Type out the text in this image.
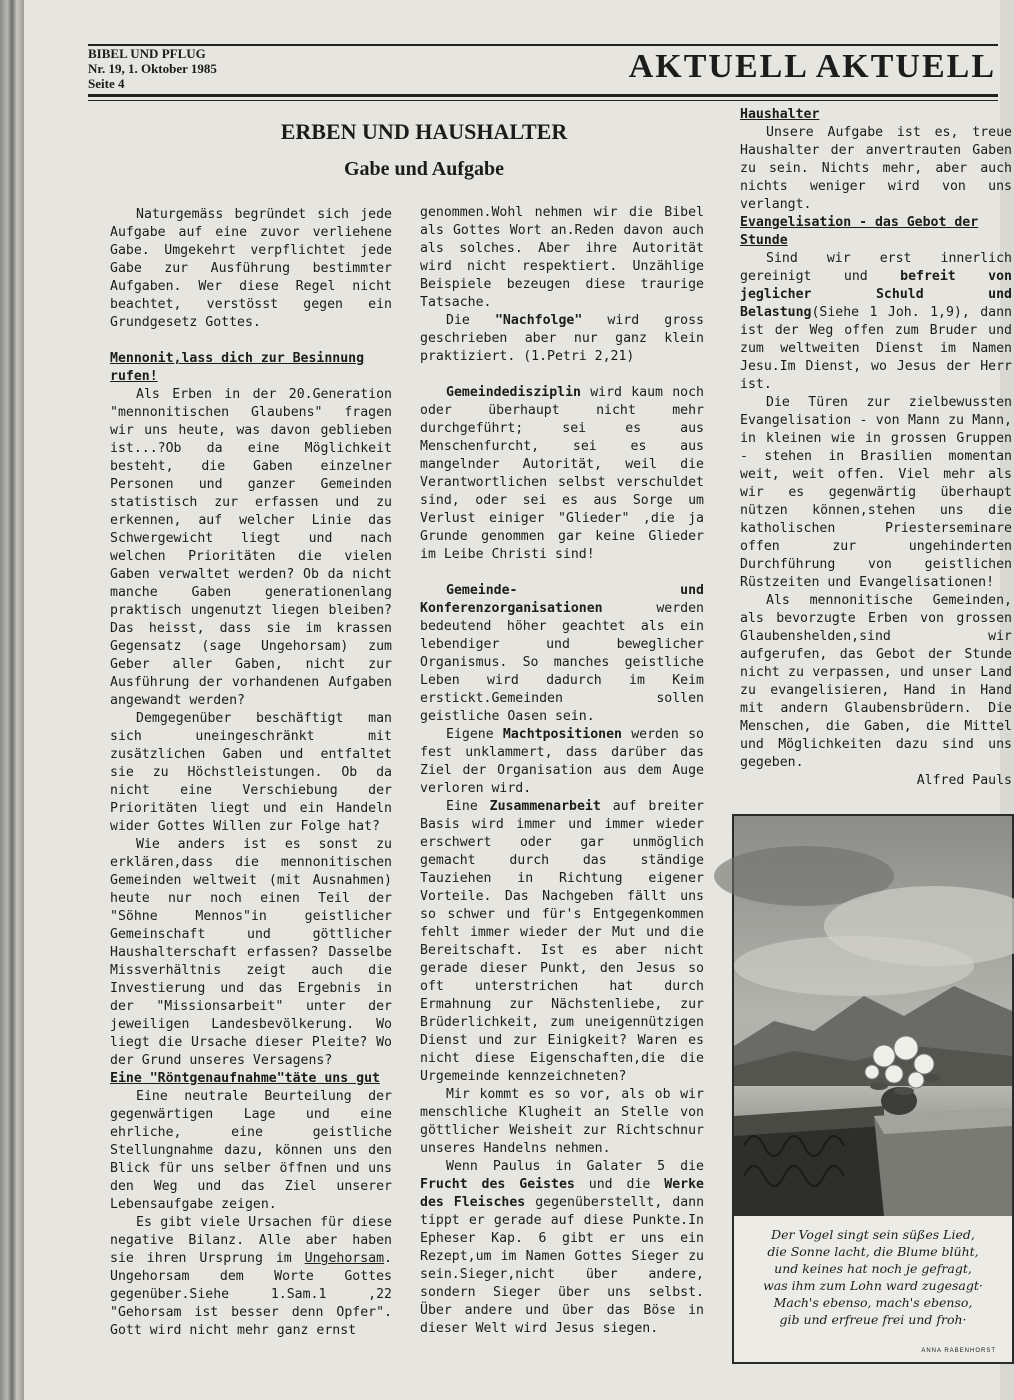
BIBEL UND PFLUG
Nr. 19, 1. Oktober 1985
Seite 4	AKTUELL AKTUELL
ERBEN UND HAUSHALTER
Gabe und Aufgabe

Naturgemäss begründet sich jede Aufgabe auf eine zuvor verliehene Gabe. Umgekehrt verpflichtet jede Gabe zur Ausführung bestimmter Aufgaben. Wer diese Regel nicht beachtet, verstösst gegen ein Grundgesetz Gottes.

Mennonit,lass dich zur Besinnung rufen!

Als Erben in der 20.Generation "mennonitischen Glaubens" fragen wir uns heute, was davon geblieben ist...?Ob da eine Möglichkeit besteht, die Gaben einzelner Personen und ganzer Gemeinden statistisch zur erfassen und zu erkennen, auf welcher Linie das Schwergewicht liegt und nach welchen Prioritäten die vielen Gaben verwaltet werden? Ob da nicht manche Gaben generationenlang praktisch ungenutzt liegen bleiben?Das heisst, dass sie im krassen Gegensatz (sage Ungehorsam) zum Geber aller Gaben, nicht zur Ausführung der vorhandenen Aufgaben angewandt werden?

Demgegenüber beschäftigt man sich uneingeschränkt mit zusätzlichen Gaben und entfaltet sie zu Höchstleistungen. Ob da nicht eine Verschiebung der Prioritäten liegt und ein Handeln wider Gottes Willen zur Folge hat?

Wie anders ist es sonst zu erklären,dass die mennonitischen Gemeinden weltweit (mit Ausnahmen) heute nur noch einen Teil der "Söhne Mennos"in geistlicher Gemeinschaft und göttlicher Haushalterschaft erfassen? Dasselbe Missverhältnis zeigt auch die Investierung und das Ergebnis in der "Missionsarbeit" unter der jeweiligen Landesbevölkerung. Wo liegt die Ursache dieser Pleite? Wo der Grund unseres Versagens?

Eine "Röntgenaufnahme"täte uns gut

Eine neutrale Beurteilung der gegenwärtigen Lage und eine ehrliche, eine geistliche Stellungnahme dazu, können uns den Blick für uns selber öffnen und uns den Weg und das Ziel unserer Lebensaufgabe zeigen.

Es gibt viele Ursachen für diese negative Bilanz. Alle aber haben sie ihren Ursprung im Ungehorsam. Ungehorsam dem Worte Gottes gegenüber.Siehe 1.Sam.1 ,22 "Gehorsam ist besser denn Opfer". Gott wird nicht mehr ganz ernst

genommen.Wohl nehmen wir die Bibel als Gottes Wort an.Reden davon auch als solches. Aber ihre Autorität wird nicht respektiert. Unzählige Beispiele bezeugen diese traurige Tatsache.

Die "Nachfolge" wird gross geschrieben aber nur ganz klein praktiziert. (1.Petri 2,21)

Gemeindedisziplin wird kaum noch oder überhaupt nicht mehr durchgeführt; sei es aus Menschenfurcht, sei es aus mangelnder Autorität, weil die Verantwortlichen selbst verschuldet sind, oder sei es aus Sorge um Verlust einiger "Glieder" ,die ja Grunde genommen gar keine Glieder im Leibe Christi sind!

Gemeinde- und Konferenzorganisationen werden bedeutend höher geachtet als ein lebendiger und beweglicher Organismus. So manches geistliche Leben wird dadurch im Keim erstickt.Gemeinden sollen geistliche Oasen sein.

Eigene Machtpositionen werden so fest unklammert, dass darüber das Ziel der Organisation aus dem Auge verloren wird.

Eine Zusammenarbeit auf breiter Basis wird immer und immer wieder erschwert oder gar unmöglich gemacht durch das ständige Tauziehen in Richtung eigener Vorteile. Das Nachgeben fällt uns so schwer und für's Entgegenkommen fehlt immer wieder der Mut und die Bereitschaft. Ist es aber nicht gerade dieser Punkt, den Jesus so oft unterstrichen hat durch Ermahnung zur Nächstenliebe, zur Brüderlichkeit, zum uneigennützigen Dienst und zur Einigkeit? Waren es nicht diese Eigenschaften,die die Urgemeinde kennzeichneten?

Mir kommt es so vor, als ob wir menschliche Klugheit an Stelle von göttlicher Weisheit zur Richtschnur unseres Handelns nehmen.

Wenn Paulus in Galater 5 die Frucht des Geistes und die Werke des Fleisches gegenüberstellt, dann tippt er gerade auf diese Punkte.In Epheser Kap. 6 gibt er uns ein Rezept,um im Namen Gottes Sieger zu sein.Sieger,nicht über andere, sondern Sieger über uns selbst. Über andere und über das Böse in dieser Welt wird Jesus siegen.

Haushalter

Unsere Aufgabe ist es, treue Haushalter der anvertrauten Gaben zu sein. Nichts mehr, aber auch nichts weniger wird von uns verlangt.

Evangelisation - das Gebot der Stunde

Sind wir erst innerlich gereinigt und befreit von jeglicher Schuld und Belastung(Siehe 1 Joh. 1,9), dann ist der Weg offen zum Bruder und zum weltweiten Dienst im Namen Jesu.Im Dienst, wo Jesus der Herr ist.

Die Türen zur zielbewussten Evangelisation - von Mann zu Mann, in kleinen wie in grossen Gruppen - stehen in Brasilien momentan weit, weit offen. Viel mehr als wir es gegenwärtig überhaupt nützen können,stehen uns die katholischen Priesterseminare offen zur ungehinderten Durchführung von geistlichen Rüstzeiten und Evangelisationen!

Als mennonitische Gemeinden, als bevorzugte Erben von grossen Glaubenshelden,sind wir aufgerufen, das Gebot der Stunde nicht zu verpassen, und unser Land zu evangelisieren, Hand in Hand mit andern Glaubensbrüdern. Die Menschen, die Gaben, die Mittel und Möglichkeiten dazu sind uns gegeben.

Alfred Pauls

Der Vogel singt sein süßes Lied,
die Sonne lacht, die Blume blüht,
und keines hat noch je gefragt,
was ihm zum Lohn ward zugesagt·
Mach's ebenso, mach's ebenso,
gib und erfreue frei und froh·
ANNA RABENHORST
